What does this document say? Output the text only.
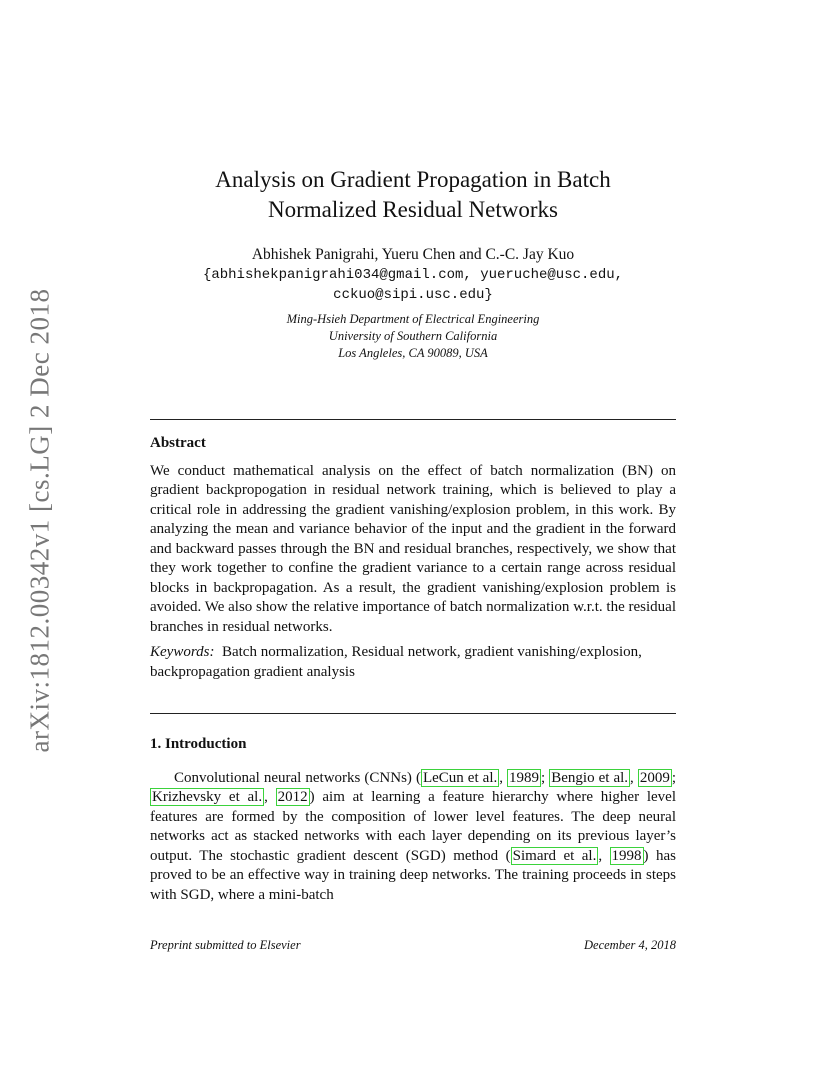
arXiv:1812.00342v1 [cs.LG] 2 Dec 2018
Analysis on Gradient Propagation in Batch
Normalized Residual Networks
Abhishek Panigrahi, Yueru Chen and C.-C. Jay Kuo
{abhishekpanigrahi034@gmail.com, yueruche@usc.edu,
cckuo@sipi.usc.edu}
Ming-Hsieh Department of Electrical Engineering
University of Southern California
Los Angleles, CA 90089, USA

Abstract

We conduct mathematical analysis on the effect of batch normalization (BN) on gradient backpropogation in residual network training, which is believed to play a critical role in addressing the gradient vanishing/explosion problem, in this work. By analyzing the mean and variance behavior of the input and the gradient in the forward and backward passes through the BN and residual branches, respectively, we show that they work together to confine the gradient variance to a certain range across residual blocks in backpropagation. As a result, the gradient vanishing/explosion problem is avoided. We also show the relative importance of batch normalization w.r.t. the residual branches in residual networks.

Keywords: Batch normalization, Residual network, gradient vanishing/explosion, backpropagation gradient analysis

1. Introduction

Convolutional neural networks (CNNs) ( LeCun et al. , 1989 ; Bengio et al. , 2009 ; Krizhevsky et al. , 2012 ) aim at learning a feature hierarchy where higher level features are formed by the composition of lower level features. The deep neural networks act as stacked networks with each layer depending on its previous layer’s output. The stochastic gradient descent (SGD) method ( Simard et al. , 1998 ) has proved to be an effective way in training deep networks. The training proceeds in steps with SGD, where a mini-batch

Preprint submitted to Elsevier	December 4, 2018
